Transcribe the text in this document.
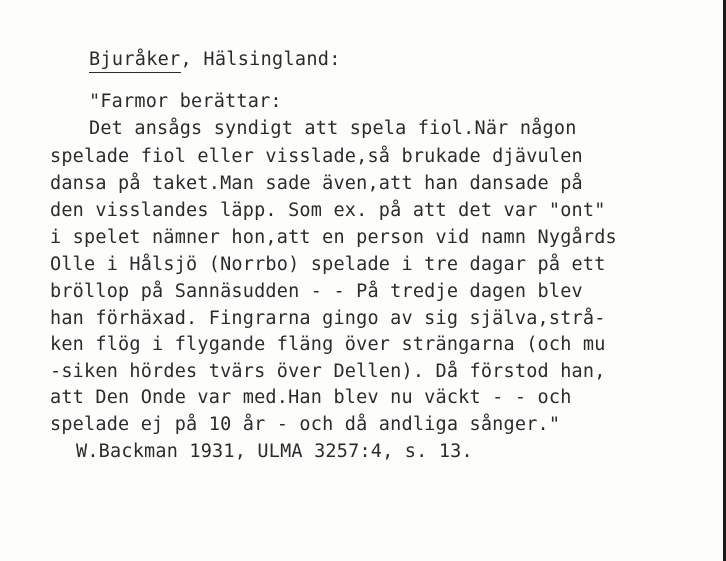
Bjuråker, Hälsingland:

"Farmor berättar:

Det ansågs syndigt att spela fiol.När någon

spelade fiol eller visslade,så brukade djävulen

dansa på taket.Man sade även,att han dansade på

den visslandes läpp. Som ex. på att det var "ont"

i spelet nämner hon,att en person vid namn Nygårds

Olle i Hålsjö (Norrbo) spelade i tre dagar på ett

bröllop på Sannäsudden - - På tredje dagen blev

han förhäxad. Fingrarna gingo av sig själva,strå-

ken flög i flygande fläng över strängarna (och mu

-siken hördes tvärs över Dellen). Då förstod han,

att Den Onde var med.Han blev nu väckt - - och

spelade ej på 10 år - och då andliga sånger."

W.Backman 1931, ULMA 3257:4, s. 13.
